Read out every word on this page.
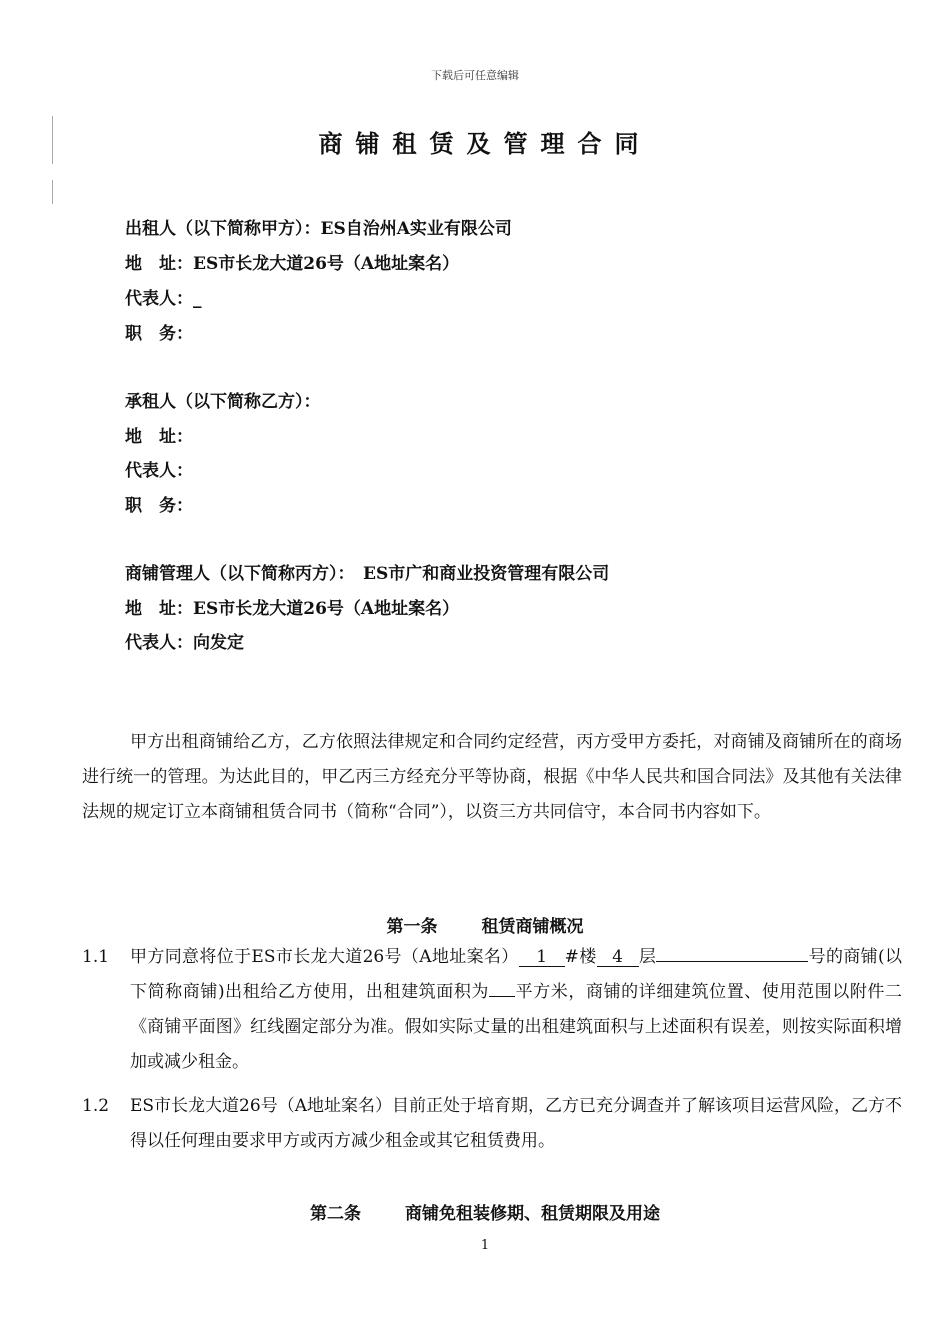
下载后可任意编辑
商铺租赁及管理合同
出租人（以下简称甲方）：ES自治州A实业有限公司
地　址：ES市长龙大道26号（A地址案名）
代表人：_
职　务：
承租人（以下简称乙方）：
地　址：
代表人：
职　务：
商铺管理人（以下简称丙方）：　ES市广和商业投资管理有限公司
地　址：ES市长龙大道26号（A地址案名）
代表人：向发定
甲方出租商铺给乙方，乙方依照法律规定和合同约定经营，丙方受甲方委托，对商铺及商铺所在的商场进行统一的管理。为达此目的，甲乙丙三方经充分平等协商，根据《中华人民共和国合同法》及其他有关法律法规的规定订立本商铺租赁合同书（简称“合同”），以资三方共同信守，本合同书内容如下。
第一条	租赁商铺概况
1.1 甲方同意将位于ES市长龙大道26号（A地址案名） 1 #楼 4 层	号的商铺(以下简称商铺)出租给乙方使用，出租建筑面积为 平方米，商铺的详细建筑位置、使用范围以附件二《商铺平面图》红线圈定部分为准。假如实际丈量的出租建筑面积与上述面积有误差，则按实际面积增加或减少租金。
1.2 ES市长龙大道26号（A地址案名）目前正处于培育期，乙方已充分调查并了解该项目运营风险，乙方不得以任何理由要求甲方或丙方减少租金或其它租赁费用。
第二条	商铺免租装修期、租赁期限及用途
1
